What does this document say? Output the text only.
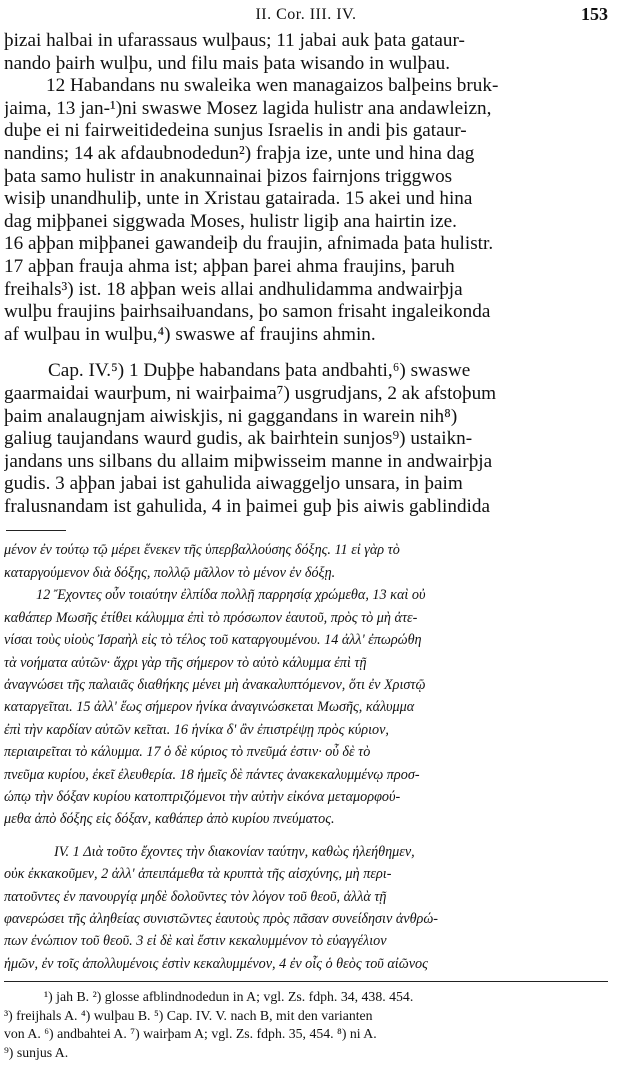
II. Cor. III. IV.	153

þizai halbai in ufarassaus wulþaus; 11 jabai auk þata gataur-

nando þairh wulþu, und filu mais þata wisando in wulþau.

12 Habandans nu swaleika wen managaizos balþeins bruk-

jaima, 13 jan-¹)ni swaswe Mosez lagida hulistr ana andawleizn,

duþe ei ni fairweitidedeina sunjus Israelis in andi þis gataur-

nandins; 14 ak afdaubnodedun²) fraþja ize, unte und hina dag

þata samo hulistr in anakunnainai þizos fairnjons triggwos

wisiþ unandhuliþ, unte in Xristau gatairada. 15 akei und hina

dag miþþanei siggwada Moses, hulistr ligiþ ana hairtin ize.

16 aþþan miþþanei gawandeiþ du fraujin, afnimada þata hulistr.

17 aþþan frauja ahma ist; aþþan þarei ahma fraujins, þaruh

freihals³) ist. 18 aþþan weis allai andhulidamma andwairþja

wulþu fraujins þairhsaiƕandans, þo samon frisaht ingaleikonda

af wulþau in wulþu,⁴) swaswe af fraujins ahmin.

Cap. IV.⁵) 1 Duþþe habandans þata andbahti,⁶) swaswe

gaarmaidai waurþum, ni wairþaima⁷) usgrudjans, 2 ak afstoþum

þaim analaugnjam aiwiskjis, ni gaggandans in warein nih⁸)

galiug taujandans waurd gudis, ak bairhtein sunjos⁹) ustaikn-

jandans uns silbans du allaim miþwisseim manne in andwairþja

gudis. 3 aþþan jabai ist gahulida aiwaggeljo unsara, in þaim

fralusnandam ist gahulida, 4 in þaimei guþ þis aiwis gablindida

μένον ἐν τούτῳ τῷ μέρει ἕνεκεν τῆς ὑπερβαλλούσης δόξης. 11 εἰ γὰρ τὸ

καταργούμενον διὰ δόξης, πολλῷ μᾶλλον τὸ μένον ἐν δόξῃ.

12 Ἔχοντες οὖν τοιαύτην ἐλπίδα πολλῇ παρρησίᾳ χρώμεθα, 13 καὶ οὐ

καθάπερ Μωσῆς ἐτίθει κάλυμμα ἐπὶ τὸ πρόσωπον ἑαυτοῦ, πρὸς τὸ μὴ ἀτε-

νίσαι τοὺς υἱοὺς Ἰσραὴλ εἰς τὸ τέλος τοῦ καταργουμένου. 14 ἀλλ' ἐπωρώθη

τὰ νοήματα αὐτῶν· ἄχρι γὰρ τῆς σήμερον τὸ αὐτὸ κάλυμμα ἐπὶ τῇ

ἀναγνώσει τῆς παλαιᾶς διαθήκης μένει μὴ ἀνακαλυπτόμενον, ὅτι ἐν Χριστῷ

καταργεῖται. 15 ἀλλ' ἕως σήμερον ἡνίκα ἀναγινώσκεται Μωσῆς, κάλυμμα

ἐπὶ τὴν καρδίαν αὐτῶν κεῖται. 16 ἡνίκα δ' ἂν ἐπιστρέψῃ πρὸς κύριον,

περιαιρεῖται τὸ κάλυμμα. 17 ὁ δὲ κύριος τὸ πνεῦμά ἐστιν· οὗ δὲ τὸ

πνεῦμα κυρίου, ἐκεῖ ἐλευθερία. 18 ἡμεῖς δὲ πάντες ἀνακεκαλυμμένῳ προσ-

ώπῳ τὴν δόξαν κυρίου κατοπτριζόμενοι τὴν αὐτὴν εἰκόνα μεταμορφού-

μεθα ἀπὸ δόξης εἰς δόξαν, καθάπερ ἀπὸ κυρίου πνεύματος.

IV. 1 Διὰ τοῦτο ἔχοντες τὴν διακονίαν ταύτην, καθὼς ἠλεήθημεν,

οὐκ ἐκκακοῦμεν, 2 ἀλλ' ἀπειπάμεθα τὰ κρυπτὰ τῆς αἰσχύνης, μὴ περι-

πατοῦντες ἐν πανουργίᾳ μηδὲ δολοῦντες τὸν λόγον τοῦ θεοῦ, ἀλλὰ τῇ

φανερώσει τῆς ἀληθείας συνιστῶντες ἑαυτοὺς πρὸς πᾶσαν συνείδησιν ἀνθρώ-

πων ἐνώπιον τοῦ θεοῦ. 3 εἰ δὲ καὶ ἔστιν κεκαλυμμένον τὸ εὐαγγέλιον

ἡμῶν, ἐν τοῖς ἀπολλυμένοις ἐστὶν κεκαλυμμένον, 4 ἐν οἷς ὁ θεὸς τοῦ αἰῶνος

¹) jah B. ²) glosse afblindnodedun in A; vgl. Zs. fdph. 34, 438. 454.

³) freijhals A. ⁴) wulþau B. ⁵) Cap. IV. V. nach B, mit den varianten

von A. ⁶) andbahtei A. ⁷) wairþam A; vgl. Zs. fdph. 35, 454. ⁸) ni A.

⁹) sunjus A.
